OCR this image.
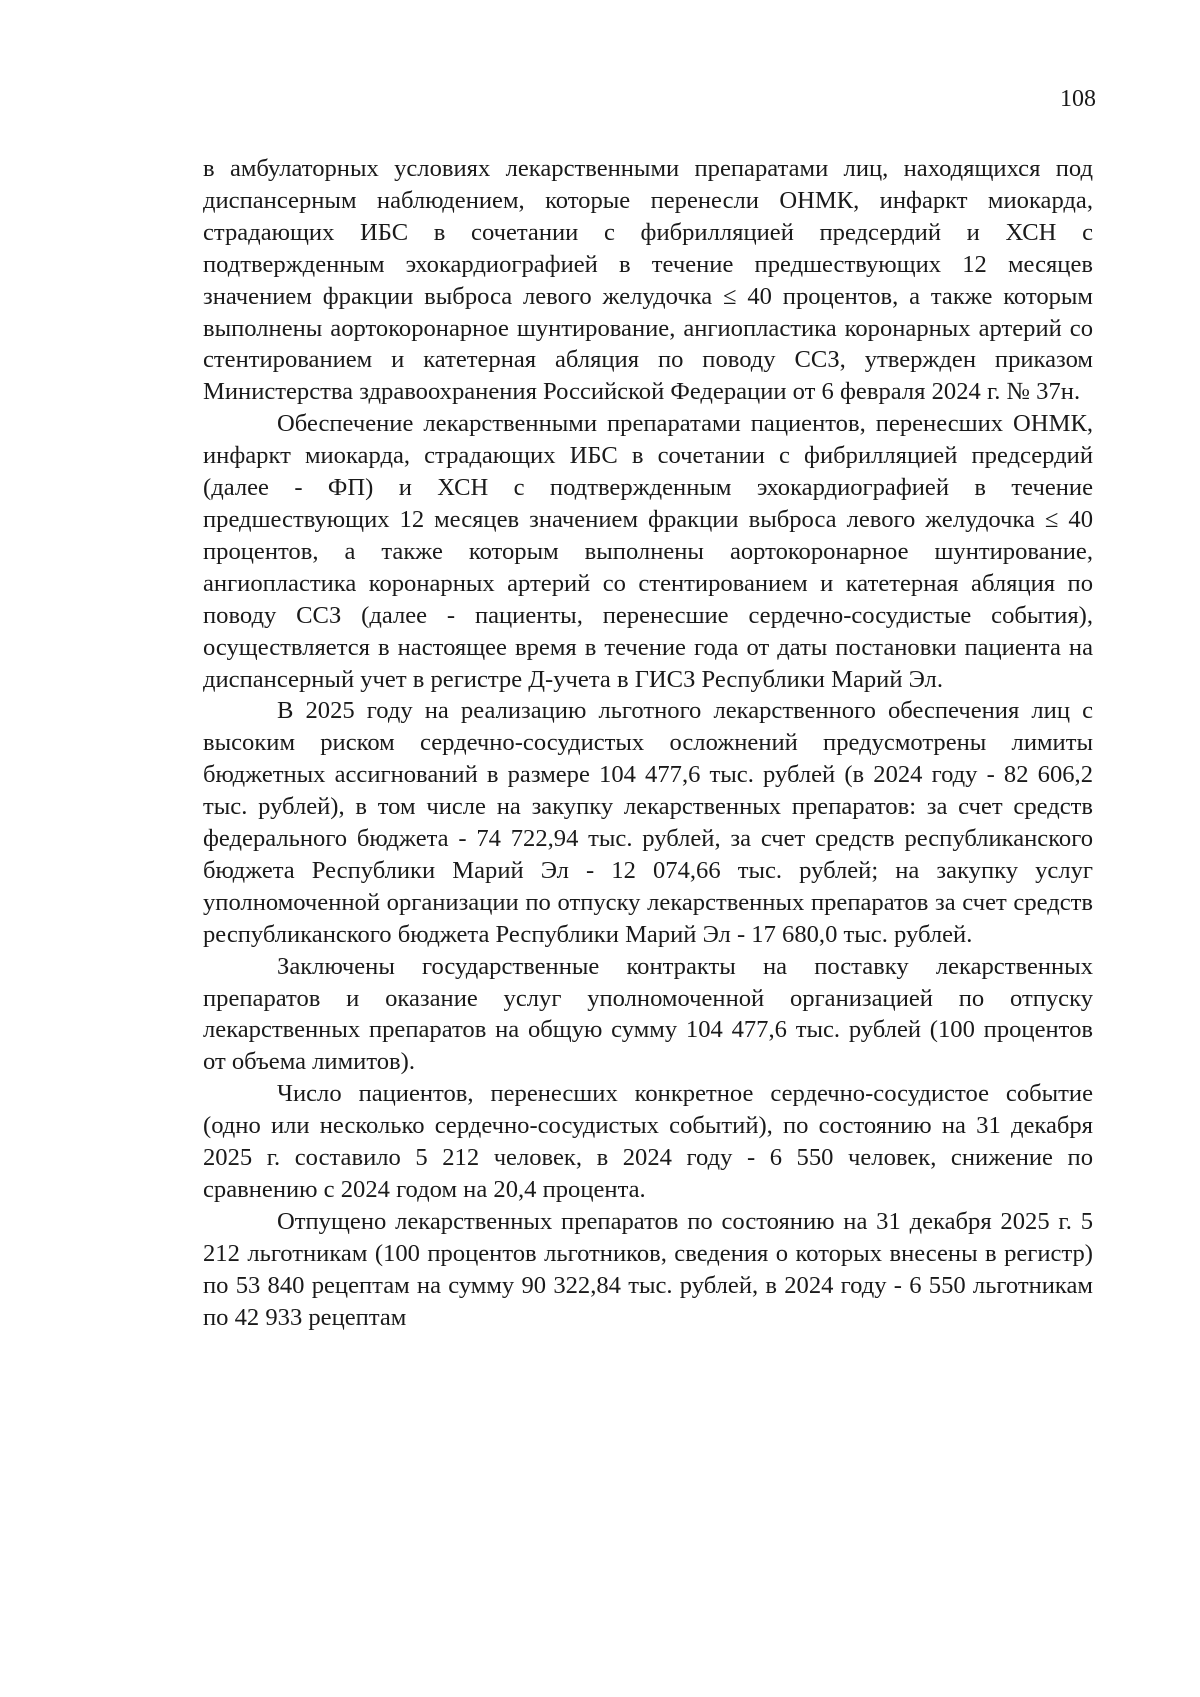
108

в амбулаторных условиях лекарственными препаратами лиц, находящихся под диспансерным наблюдением, которые перенесли ОНМК, инфаркт миокарда, страдающих ИБС в сочетании с фибрилляцией предсердий и ХСН с подтвержденным эхокардиографией в течение предшествующих 12 месяцев значением фракции выброса левого желудочка ≤ 40 процентов, а также которым выполнены аортокоронарное шунтирование, ангиопластика коронарных артерий со стентированием и катетерная абляция по поводу ССЗ, утвержден приказом Министерства здравоохранения Российской Федерации от 6 февраля 2024 г. № 37н.

Обеспечение лекарственными препаратами пациентов, перенесших ОНМК, инфаркт миокарда, страдающих ИБС в сочетании с фибрилляцией предсердий (далее - ФП) и ХСН с подтвержденным эхокардиографией в течение предшествующих 12 месяцев значением фракции выброса левого желудочка ≤ 40 процентов, а также которым выполнены аортокоронарное шунтирование, ангиопластика коронарных артерий со стентированием и катетерная абляция по поводу ССЗ (далее - пациенты, перенесшие сердечно-сосудистые события), осуществляется в настоящее время в течение года от даты постановки пациента на диспансерный учет в регистре Д-учета в ГИСЗ Республики Марий Эл.

В 2025 году на реализацию льготного лекарственного обеспечения лиц с высоким риском сердечно-сосудистых осложнений предусмотрены лимиты бюджетных ассигнований в размере 104 477,6 тыс. рублей (в 2024 году - 82 606,2 тыс. рублей), в том числе на закупку лекарственных препаратов: за счет средств федерального бюджета - 74 722,94 тыс. рублей, за счет средств республиканского бюджета Республики Марий Эл - 12 074,66 тыс. рублей; на закупку услуг уполномоченной организации по отпуску лекарственных препаратов за счет средств республиканского бюджета Республики Марий Эл - 17 680,0 тыс. рублей.

Заключены государственные контракты на поставку лекарственных препаратов и оказание услуг уполномоченной организацией по отпуску лекарственных препаратов на общую сумму 104 477,6 тыс. рублей (100 процентов от объема лимитов).

Число пациентов, перенесших конкретное сердечно-сосудистое событие (одно или несколько сердечно-сосудистых событий), по состоянию на 31 декабря 2025 г. составило 5 212 человек, в 2024 году - 6 550 человек, снижение по сравнению с 2024 годом на 20,4 процента.

Отпущено лекарственных препаратов по состоянию на 31 декабря 2025 г. 5 212 льготникам (100 процентов льготников, сведения о которых внесены в регистр) по 53 840 рецептам на сумму 90 322,84 тыс. рублей, в 2024 году - 6 550 льготникам по 42 933 рецептам
